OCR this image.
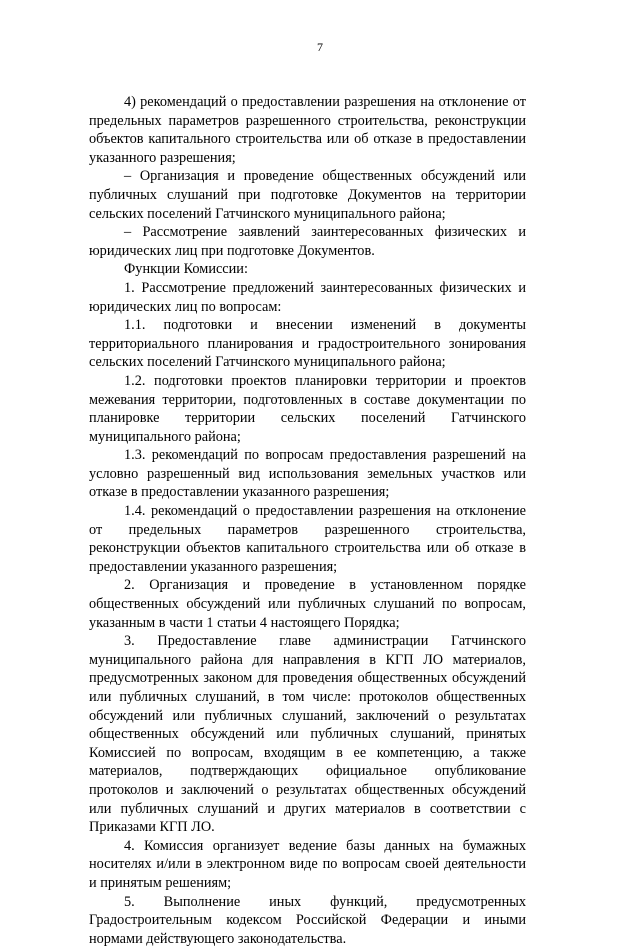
7

4) рекомендаций о предоставлении разрешения на отклонение от предельных параметров разрешенного строительства, реконструкции объектов капитального строительства или об отказе в предоставлении указанного разрешения;

– Организация и проведение общественных обсуждений или публичных слушаний при подготовке Документов на территории сельских поселений Гатчинского муниципального района;

– Рассмотрение заявлений заинтересованных физических и юридических лиц при подготовке Документов.

Функции Комиссии:

1. Рассмотрение предложений заинтересованных физических и юридических лиц по вопросам:

1.1. подготовки и внесении изменений в документы территориального планирования и градостроительного зонирования сельских поселений Гатчинского муниципального района;

1.2. подготовки проектов планировки территории и проектов межевания территории, подготовленных в составе документации по планировке территории сельских поселений Гатчинского муниципального района;

1.3. рекомендаций по вопросам предоставления разрешений на условно разрешенный вид использования земельных участков или отказе в предоставлении указанного разрешения;

1.4. рекомендаций о предоставлении разрешения на отклонение от предельных параметров разрешенного строительства, реконструкции объектов капитального строительства или об отказе в предоставлении указанного разрешения;

2. Организация и проведение в установленном порядке общественных обсуждений или публичных слушаний по вопросам, указанным в части 1 статьи 4 настоящего Порядка;

3. Предоставление главе администрации Гатчинского муниципального района для направления в КГП ЛО материалов, предусмотренных законом для проведения общественных обсуждений или публичных слушаний, в том числе: протоколов общественных обсуждений или публичных слушаний, заключений о результатах общественных обсуждений или публичных слушаний, принятых Комиссией по вопросам, входящим в ее компетенцию, а также материалов, подтверждающих официальное опубликование протоколов и заключений о результатах общественных обсуждений или публичных слушаний и других материалов в соответствии с Приказами КГП ЛО.

4. Комиссия организует ведение базы данных на бумажных носителях и/или в электронном виде по вопросам своей деятельности и принятым решениям;

5. Выполнение иных функций, предусмотренных Градостроительным кодексом Российской Федерации и иными нормами действующего законодательства.
